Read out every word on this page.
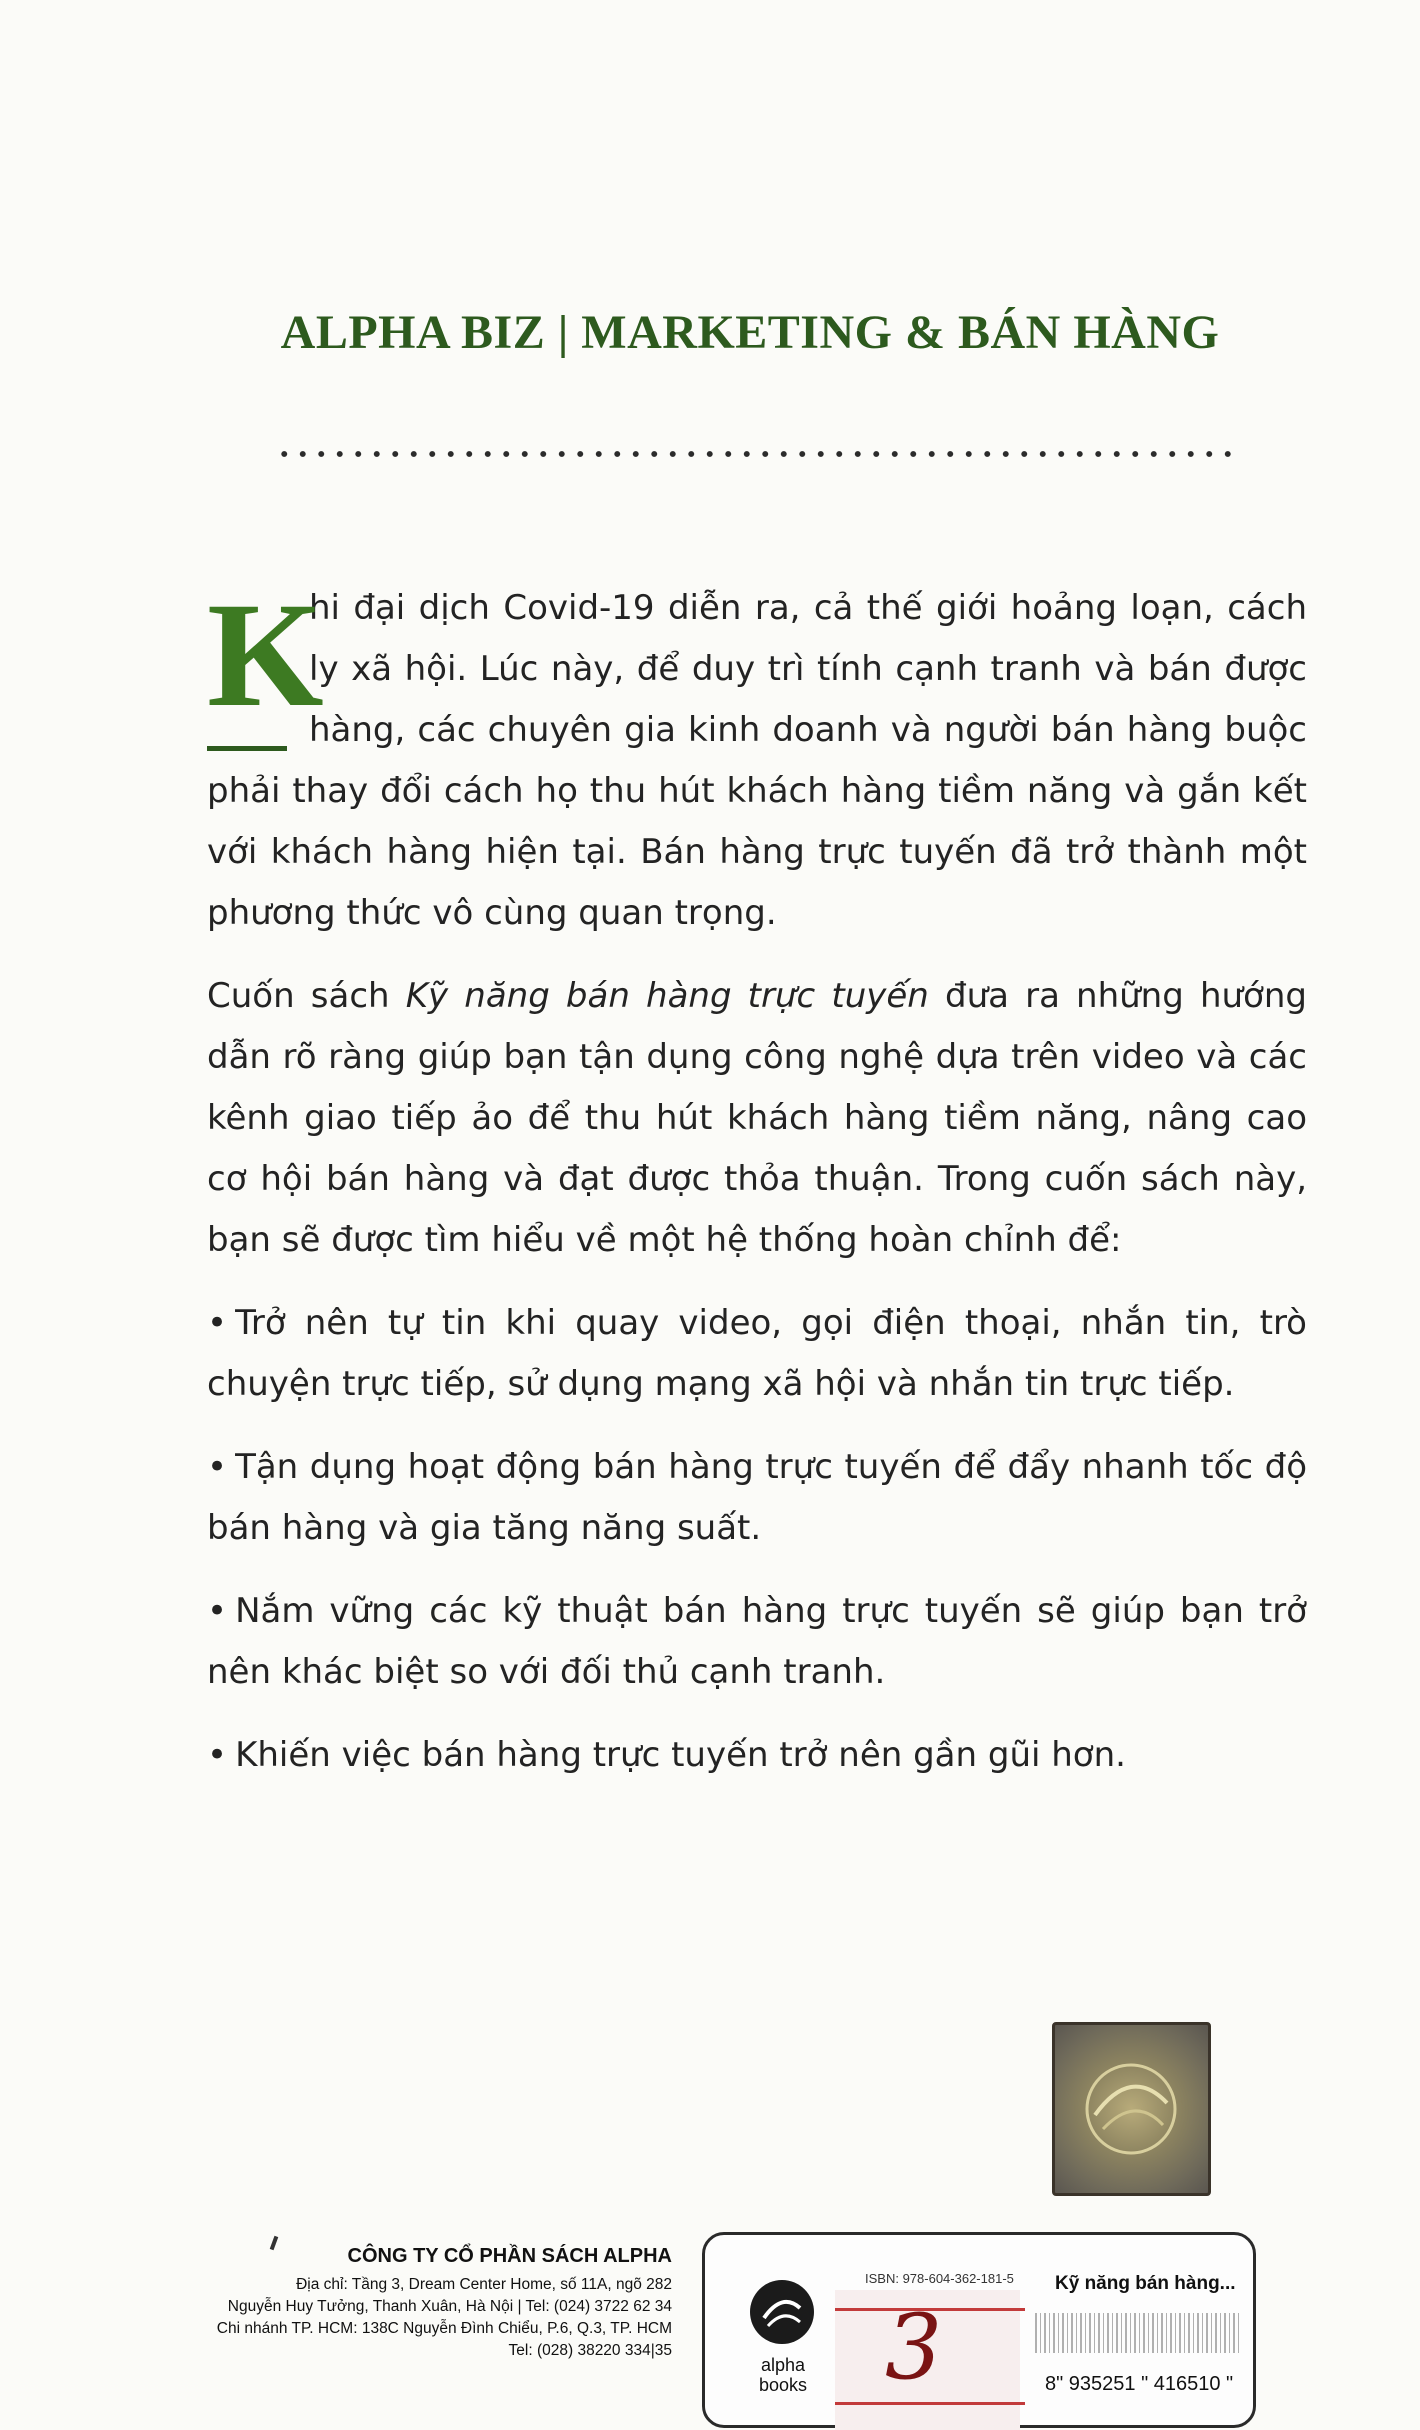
ALPHA BIZ | MARKETING & BÁN HÀNG

K
hi đại dịch Covid-19 diễn ra, cả thế giới hoảng loạn, cách ly xã hội. Lúc này, để duy trì tính cạnh tranh và bán được hàng, các chuyên gia kinh doanh và người bán hàng buộc phải thay đổi cách họ thu hút khách hàng tiềm năng và gắn kết với khách hàng hiện tại. Bán hàng trực tuyến đã trở thành một phương thức vô cùng quan trọng.

Cuốn sách Kỹ năng bán hàng trực tuyến đưa ra những hướng dẫn rõ ràng giúp bạn tận dụng công nghệ dựa trên video và các kênh giao tiếp ảo để thu hút khách hàng tiềm năng, nâng cao cơ hội bán hàng và đạt được thỏa thuận. Trong cuốn sách này, bạn sẽ được tìm hiểu về một hệ thống hoàn chỉnh để:

• Trở nên tự tin khi quay video, gọi điện thoại, nhắn tin, trò chuyện trực tiếp, sử dụng mạng xã hội và nhắn tin trực tiếp.

• Tận dụng hoạt động bán hàng trực tuyến để đẩy nhanh tốc độ bán hàng và gia tăng năng suất.

• Nắm vững các kỹ thuật bán hàng trực tuyến sẽ giúp bạn trở nên khác biệt so với đối thủ cạnh tranh.

• Khiến việc bán hàng trực tuyến trở nên gần gũi hơn.

CÔNG TY CỔ PHẦN SÁCH ALPHA
Địa chỉ: Tầng 3, Dream Center Home, số 11A, ngõ 282
Nguyễn Huy Tưởng, Thanh Xuân, Hà Nội | Tel: (024) 3722 62 34
Chi nhánh TP. HCM: 138C Nguyễn Đình Chiểu, P.6, Q.3, TP. HCM
Tel: (028) 38220 334|35
alpha
books 3
ISBN: 978-604-362-181-5 Kỹ năng bán hàng...
8" 935251 " 416510 "
